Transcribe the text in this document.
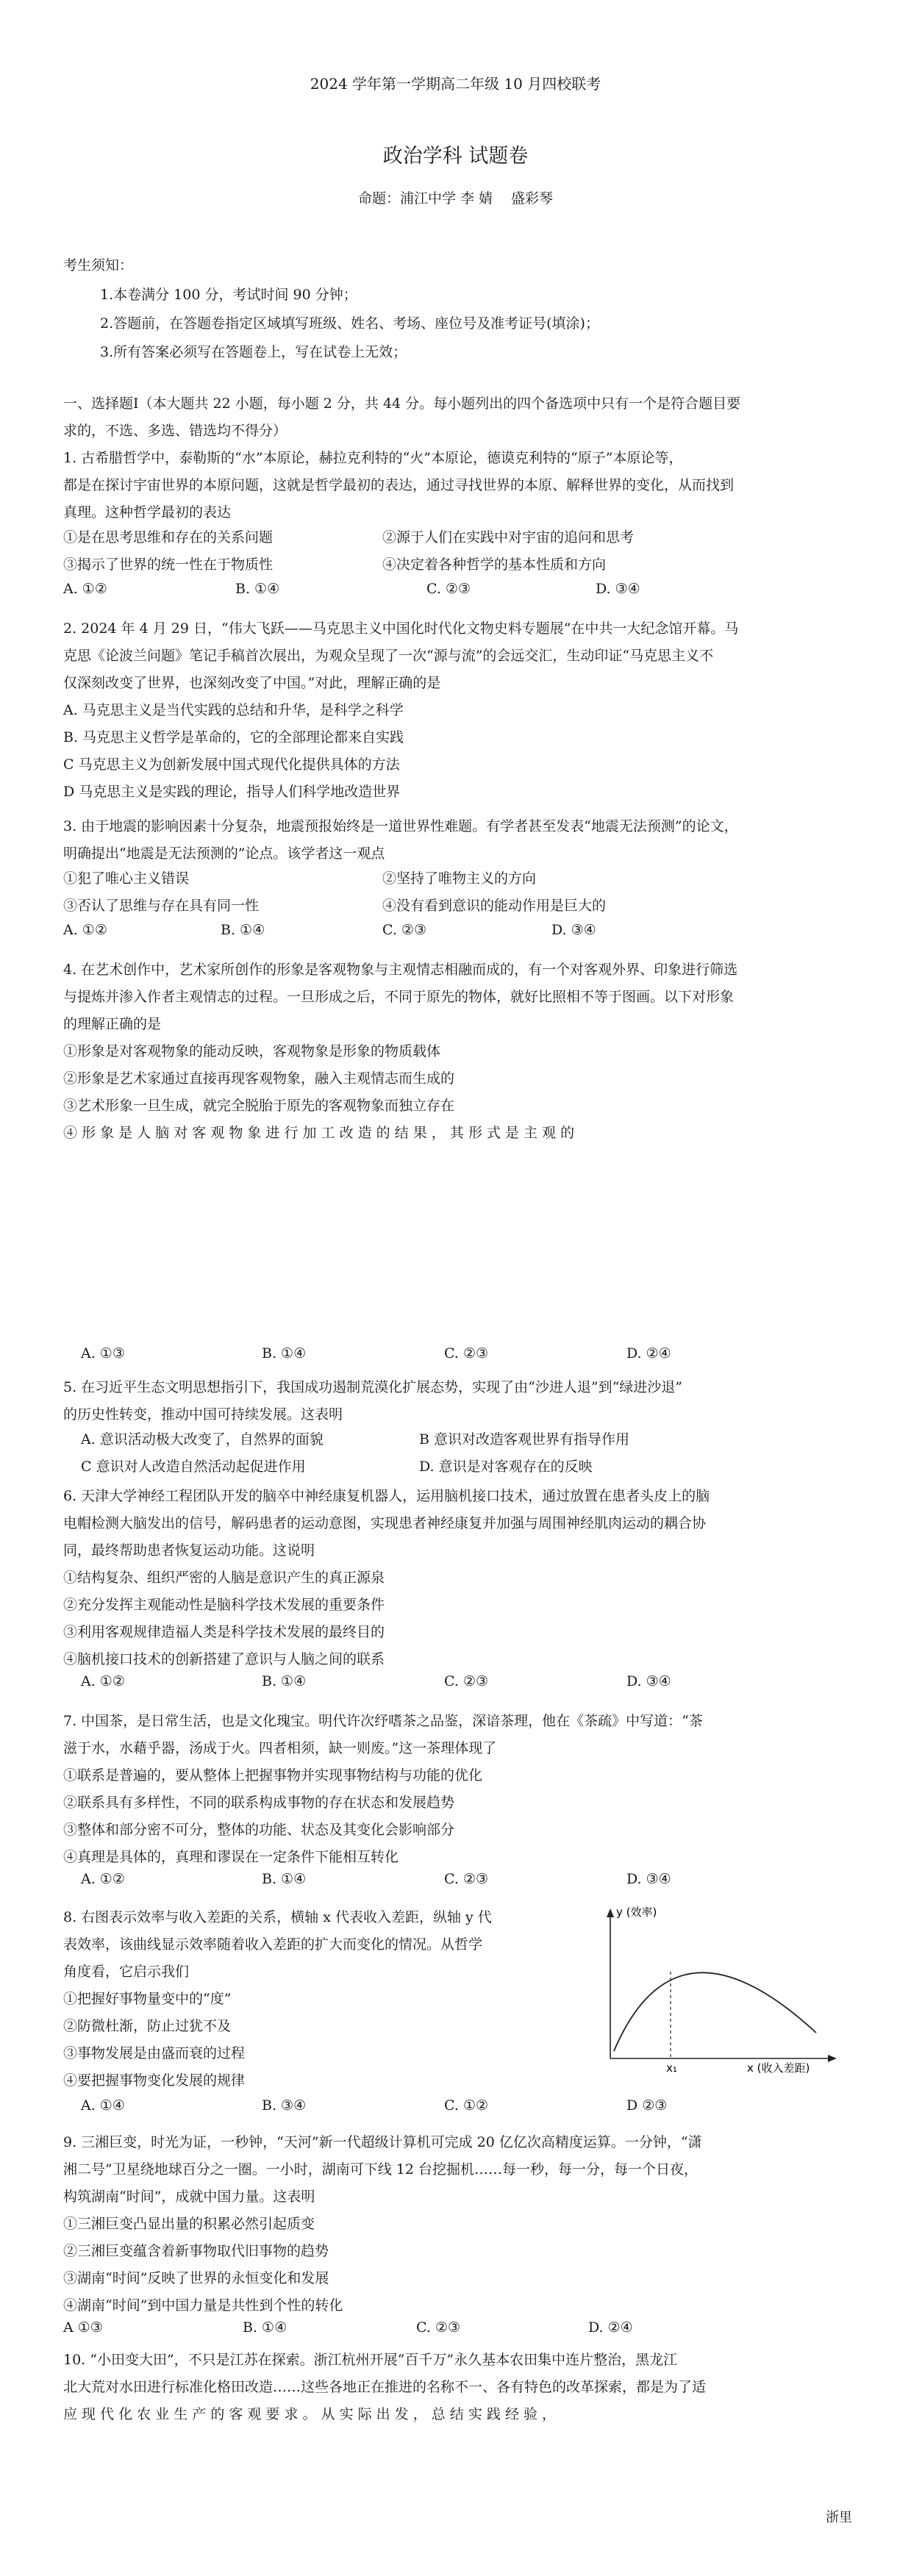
2024 学年第一学期高二年级 10 月四校联考
政治学科 试题卷
命题：浦江中学 李 婧　 盛彩琴
考生须知：
1.本卷满分 100 分，考试时间 90 分钟；
2.答题前，在答题卷指定区域填写班级、姓名、考场、座位号及准考证号(填涂)；
3.所有答案必须写在答题卷上，写在试卷上无效；
一、选择题Ⅰ（本大题共 22 小题，每小题 2 分，共 44 分。每小题列出的四个备选项中只有一个是符合题目要
求的，不选、多选、错选均不得分）
1. 古希腊哲学中，泰勒斯的“水”本原论，赫拉克利特的“火”本原论，德谟克利特的“原子”本原论等，
都是在探讨宇宙世界的本原问题，这就是哲学最初的表达，通过寻找世界的本原、解释世界的变化，从而找到
真理。这种哲学最初的表达
①是在思考思维和存在的关系问题	②源于人们在实践中对宇宙的追问和思考
③揭示了世界的统一性在于物质性	④决定着各种哲学的基本性质和方向
A. ①②	B. ①④	C. ②③	D. ③④
2. 2024 年 4 月 29 日，“伟大飞跃——马克思主义中国化时代化文物史料专题展”在中共一大纪念馆开幕。马
克思《论波兰问题》笔记手稿首次展出，为观众呈现了一次“源与流”的会远交汇，生动印证“马克思主义不
仅深刻改变了世界，也深刻改变了中国。”对此，理解正确的是
A. 马克思主义是当代实践的总结和升华，是科学之科学
B. 马克思主义哲学是革命的，它的全部理论都来自实践
C 马克思主义为创新发展中国式现代化提供具体的方法
D 马克思主义是实践的理论，指导人们科学地改造世界
3. 由于地震的影响因素十分复杂，地震预报始终是一道世界性难题。有学者甚至发表“地震无法预测”的论文，
明确提出“地震是无法预测的”论点。该学者这一观点
①犯了唯心主义错误	②坚持了唯物主义的方向
③否认了思维与存在具有同一性	④没有看到意识的能动作用是巨大的
A. ①②	B. ①④	C. ②③	D. ③④
4. 在艺术创作中，艺术家所创作的形象是客观物象与主观情志相融而成的，有一个对客观外界、印象进行筛选
与提炼并渗入作者主观情志的过程。一旦形成之后，不同于原先的物体，就好比照相不等于图画。以下对形象
的理解正确的是
①形象是对客观物象的能动反映，客观物象是形象的物质载体
②形象是艺术家通过直接再现客观物象，融入主观情志而生成的
③艺术形象一旦生成，就完全脱胎于原先的客观物象而独立存在
④ 形 象 是 人 脑 对 客 观 物 象 进 行 加 工 改 造 的 结 果 ， 其 形 式 是 主 观 的
A. ①③	B. ①④	C. ②③	D. ②④
5. 在习近平生态文明思想指引下，我国成功遏制荒漠化扩展态势，实现了由“沙进人退”到“绿进沙退”
的历史性转变，推动中国可持续发展。这表明
A. 意识活动极大改变了，自然界的面貌	B 意识对改造客观世界有指导作用
C 意识对人改造自然活动起促进作用	D. 意识是对客观存在的反映
6. 天津大学神经工程团队开发的脑卒中神经康复机器人，运用脑机接口技术，通过放置在患者头皮上的脑
电帽检测大脑发出的信号，解码患者的运动意图，实现患者神经康复并加强与周围神经肌肉运动的耦合协
同，最终帮助患者恢复运动功能。这说明
①结构复杂、组织严密的人脑是意识产生的真正源泉
②充分发挥主观能动性是脑科学技术发展的重要条件
③利用客观规律造福人类是科学技术发展的最终目的
④脑机接口技术的创新搭建了意识与人脑之间的联系
A. ①②	B. ①④	C. ②③	D. ③④
7. 中国茶，是日常生活，也是文化瑰宝。明代许次纾嗜茶之品鉴，深谙茶理，他在《茶疏》中写道：“茶
滋于水，水藉乎器，汤成于火。四者相须，缺一则废。”这一茶理体现了
①联系是普遍的，要从整体上把握事物并实现事物结构与功能的优化
②联系具有多样性，不同的联系构成事物的存在状态和发展趋势
③整体和部分密不可分，整体的功能、状态及其变化会影响部分
④真理是具体的，真理和谬误在一定条件下能相互转化
A. ①②	B. ①④	C. ②③	D. ③④
8. 右图表示效率与收入差距的关系，横轴 x 代表收入差距，纵轴 y 代
表效率，该曲线显示效率随着收入差距的扩大而变化的情况。从哲学
角度看，它启示我们
①把握好事物量变中的“度”
②防微杜渐，防止过犹不及
③事物发展是由盛而衰的过程
④要把握事物变化发展的规律
y (效率)
x₁	x (收入差距)
A. ①④	B. ③④	C. ①②	D ②③
9. 三湘巨变，时光为证，一秒钟，“天河”新一代超级计算机可完成 20 亿亿次高精度运算。一分钟，“潇
湘二号”卫星绕地球百分之一圈。一小时，湖南可下线 12 台挖掘机……每一秒，每一分，每一个日夜，
构筑湖南“时间”，成就中国力量。这表明
①三湘巨变凸显出量的积累必然引起质变
②三湘巨变蕴含着新事物取代旧事物的趋势
③湖南“时间”反映了世界的永恒变化和发展
④湖南“时间”到中国力量是共性到个性的转化
A ①③	B. ①④	C. ②③	D. ②④
10. “小田变大田”，不只是江苏在探索。浙江杭州开展“百千万”永久基本农田集中连片整治，黑龙江
北大荒对水田进行标准化格田改造……这些各地正在推进的名称不一、各有特色的改革探索，都是为了适
应 现 代 化 农 业 生 产 的 客 观 要 求 。 从 实 际 出 发 ， 总 结 实 践 经 验 ，
浙里
